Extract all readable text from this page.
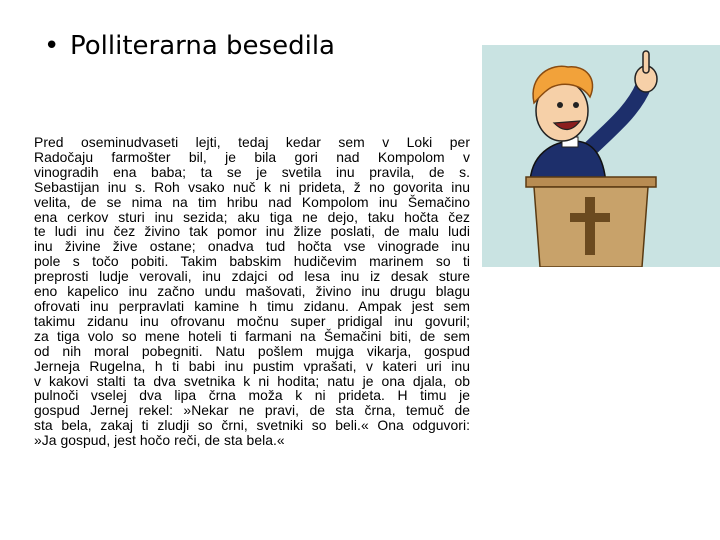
• Polliterarna besedila
Pred oseminudvaseti lejti, tedaj kedar sem v Loki per
Radočaju farmošter bil, je bila gori nad Kompolom v
vinogradih ena baba; ta se je svetila inu pravila, de s.
Sebastijan inu s. Roh vsako nuč k ni prideta, ž no govorita inu
velita, de se nima na tim hribu nad Kompolom inu Šemačino
ena cerkov sturi inu sezida; aku tiga ne dejo, taku hočta čez
te ludi inu čez živino tak pomor inu žlize poslati, de malu ludi
inu živine žive ostane; onadva tud hočta vse vinograde inu
pole s točo pobiti. Takim babskim hudičevim marinem so ti
preprosti ludje verovali, inu zdajci od lesa inu iz desak sture
eno kapelico inu začno undu mašovati, živino inu drugu blagu
ofrovati inu perpravlati kamine h timu zidanu. Ampak jest sem
takimu zidanu inu ofrovanu močnu super pridigal inu govuril;
za tiga volo so mene hoteli ti farmani na Šemačini biti, de sem
od nih moral pobegniti. Natu pošlem mujga vikarja, gospud
Jerneja Rugelna, h ti babi inu pustim vprašati, v kateri uri inu
v kakovi stalti ta dva svetnika k ni hodita; natu je ona djala, ob
pulnoči vselej dva lipa črna moža k ni prideta. H timu je
gospud Jernej rekel: »Nekar ne pravi, de sta črna, temuč de
sta bela, zakaj ti zludji so črni, svetniki so beli.« Ona odguvori:
»Ja gospud, jest hočo reči, de sta bela.«
